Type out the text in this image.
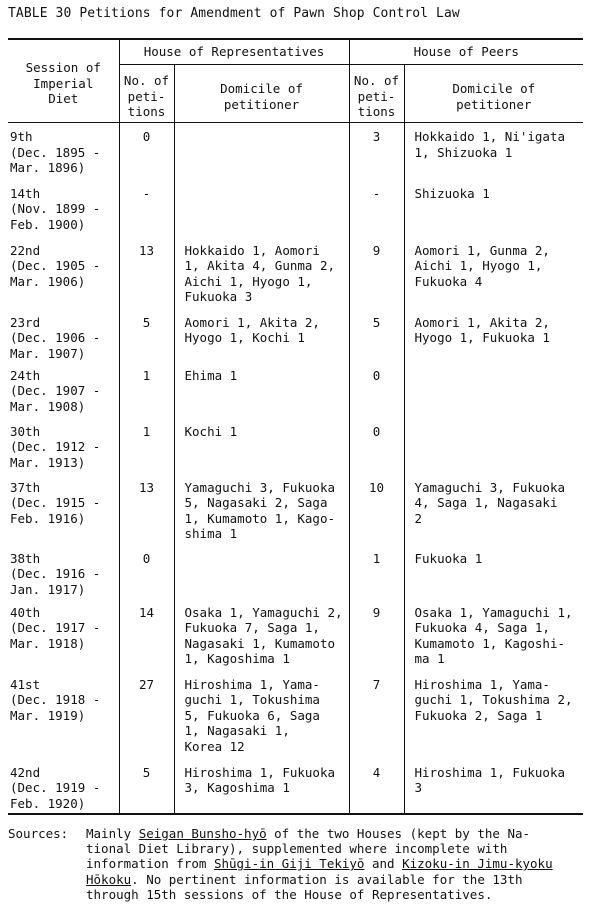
TABLE 30 Petitions for Amendment of Pawn Shop Control Law
Session of
Imperial
Diet	House of Representatives		House of Peers	
	No. of
peti-
tions	Domicile of
petitioner	No. of
peti-
tions	Domicile of
petitioner
9th
(Dec. 1895 -
Mar. 1896)	0		3	Hokkaido 1, Ni'igata
1, Shizuoka 1
14th
(Nov. 1899 -
Feb. 1900)	-		-	Shizuoka 1
22nd
(Dec. 1905 -
Mar. 1906)	13	Hokkaido 1, Aomori
1, Akita 4, Gunma 2,
Aichi 1, Hyogo 1,
Fukuoka 3	9	Aomori 1, Gunma 2,
Aichi 1, Hyogo 1,
Fukuoka 4
23rd
(Dec. 1906 -
Mar. 1907)	5	Aomori 1, Akita 2,
Hyogo 1, Kochi 1	5	Aomori 1, Akita 2,
Hyogo 1, Fukuoka 1
24th
(Dec. 1907 -
Mar. 1908)	1	Ehima 1	0	
30th
(Dec. 1912 -
Mar. 1913)	1	Kochi 1	0	
37th
(Dec. 1915 -
Feb. 1916)	13	Yamaguchi 3, Fukuoka
5, Nagasaki 2, Saga
1, Kumamoto 1, Kago-
shima 1	10	Yamaguchi 3, Fukuoka
4, Saga 1, Nagasaki
2
38th
(Dec. 1916 -
Jan. 1917)	0		1	Fukuoka 1
40th
(Dec. 1917 -
Mar. 1918)	14	Osaka 1, Yamaguchi 2,
Fukuoka 7, Saga 1,
Nagasaki 1, Kumamoto
1, Kagoshima 1	9	Osaka 1, Yamaguchi 1,
Fukuoka 4, Saga 1,
Kumamoto 1, Kagoshi-
ma 1
41st
(Dec. 1918 -
Mar. 1919)	27	Hiroshima 1, Yama-
guchi 1, Tokushima
5, Fukuoka 6, Saga
1, Nagasaki 1,
Korea 12	7	Hiroshima 1, Yama-
guchi 1, Tokushima 2,
Fukuoka 2, Saga 1
42nd
(Dec. 1919 -
Feb. 1920)	5	Hiroshima 1, Fukuoka
3, Kagoshima 1	4	Hiroshima 1, Fukuoka
3
Sources: Mainly Seigan Bunsho-hyō of the two Houses (kept by the Na-
tional Diet Library), supplemented where incomplete with
information from Shūgi-in Giji Tekiyō and Kizoku-in Jimu-kyoku
Hōkoku. No pertinent information is available for the 13th
through 15th sessions of the House of Representatives.
